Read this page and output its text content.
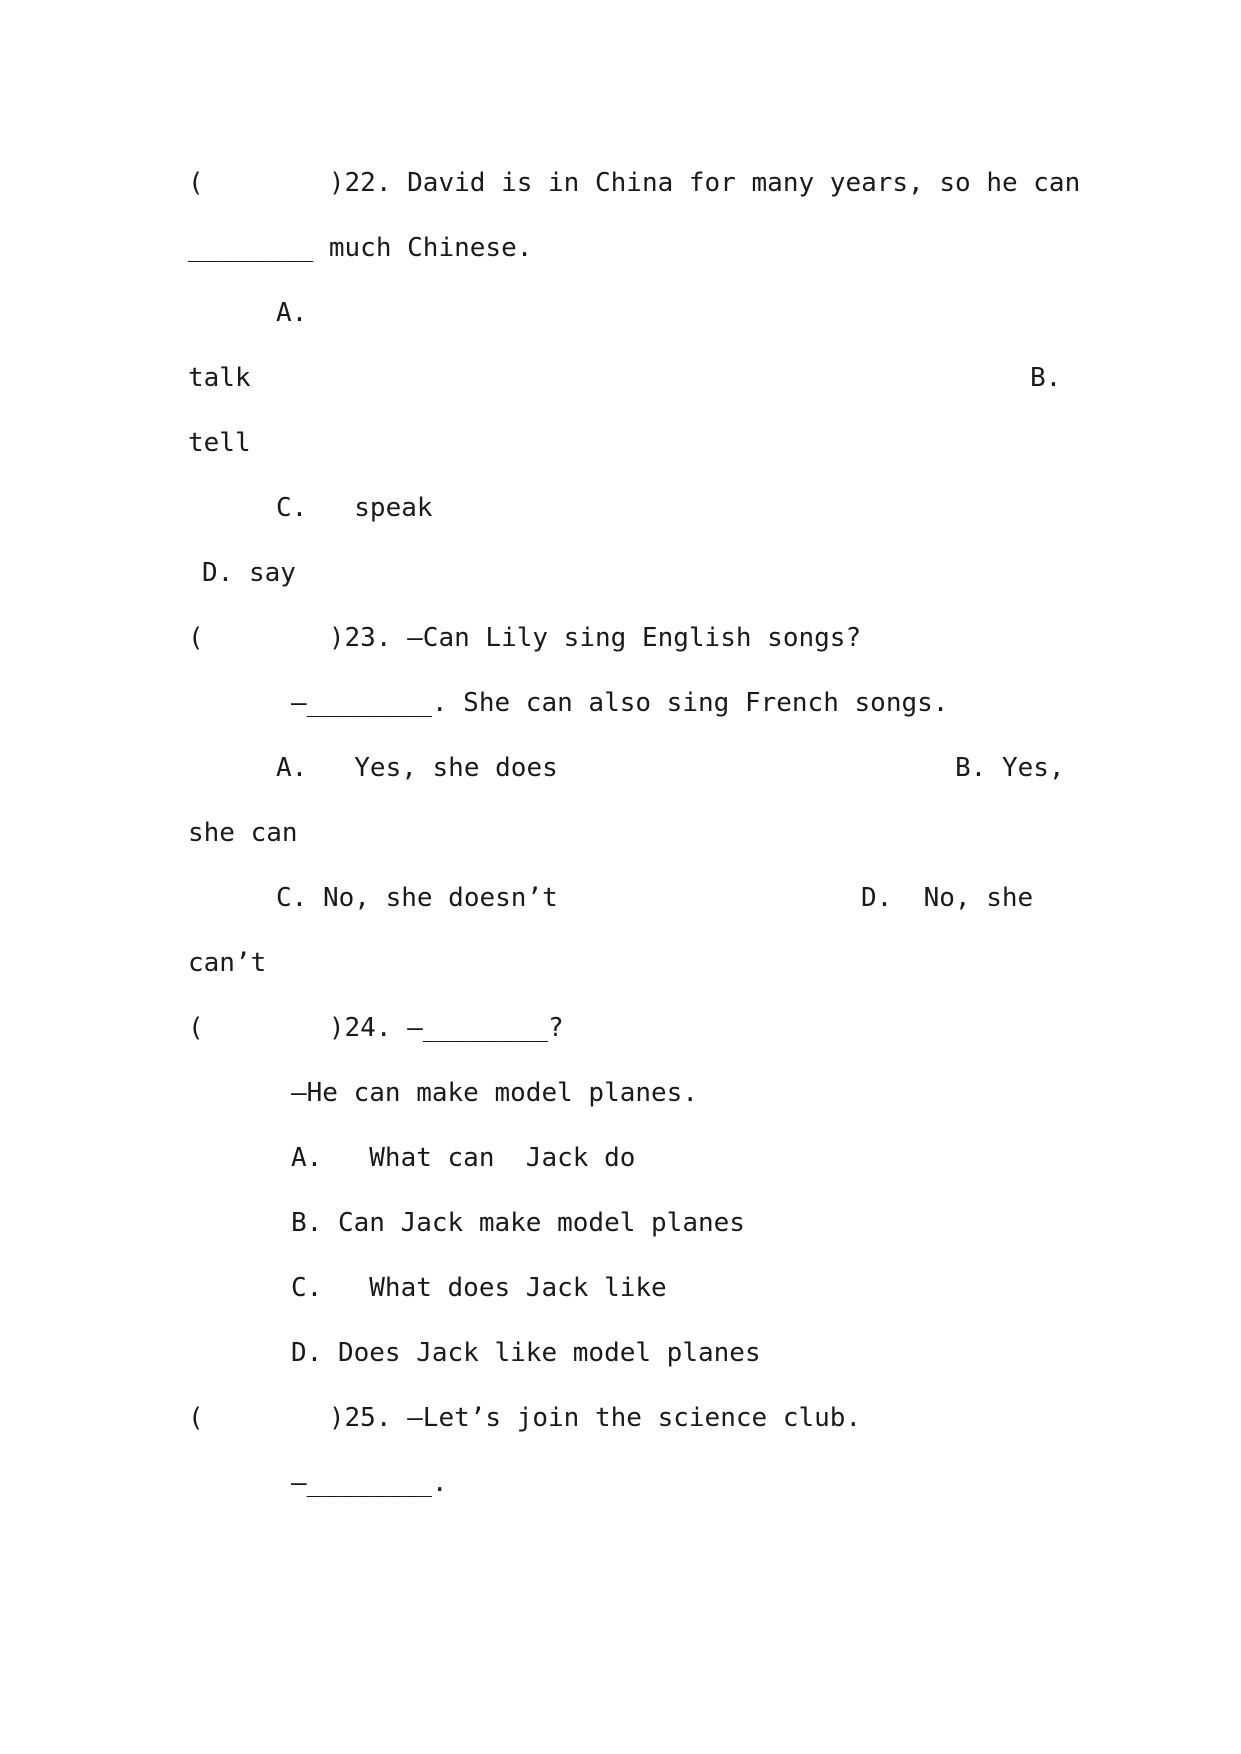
(        )22. David is in China for many years, so he can
________ much Chinese.
A.
talk	B.
tell
C.   speak
D. say
(        )23. —Can Lily sing English songs?
—________. She can also sing French songs.
A.   Yes, she does	B. Yes,
she can
C. No, she doesn’t	D.  No, she
can’t
(        )24. —________?
—He can make model planes.
A.   What can  Jack do
B. Can Jack make model planes
C.   What does Jack like
D. Does Jack like model planes
(        )25. —Let’s join the science club.
—________.
